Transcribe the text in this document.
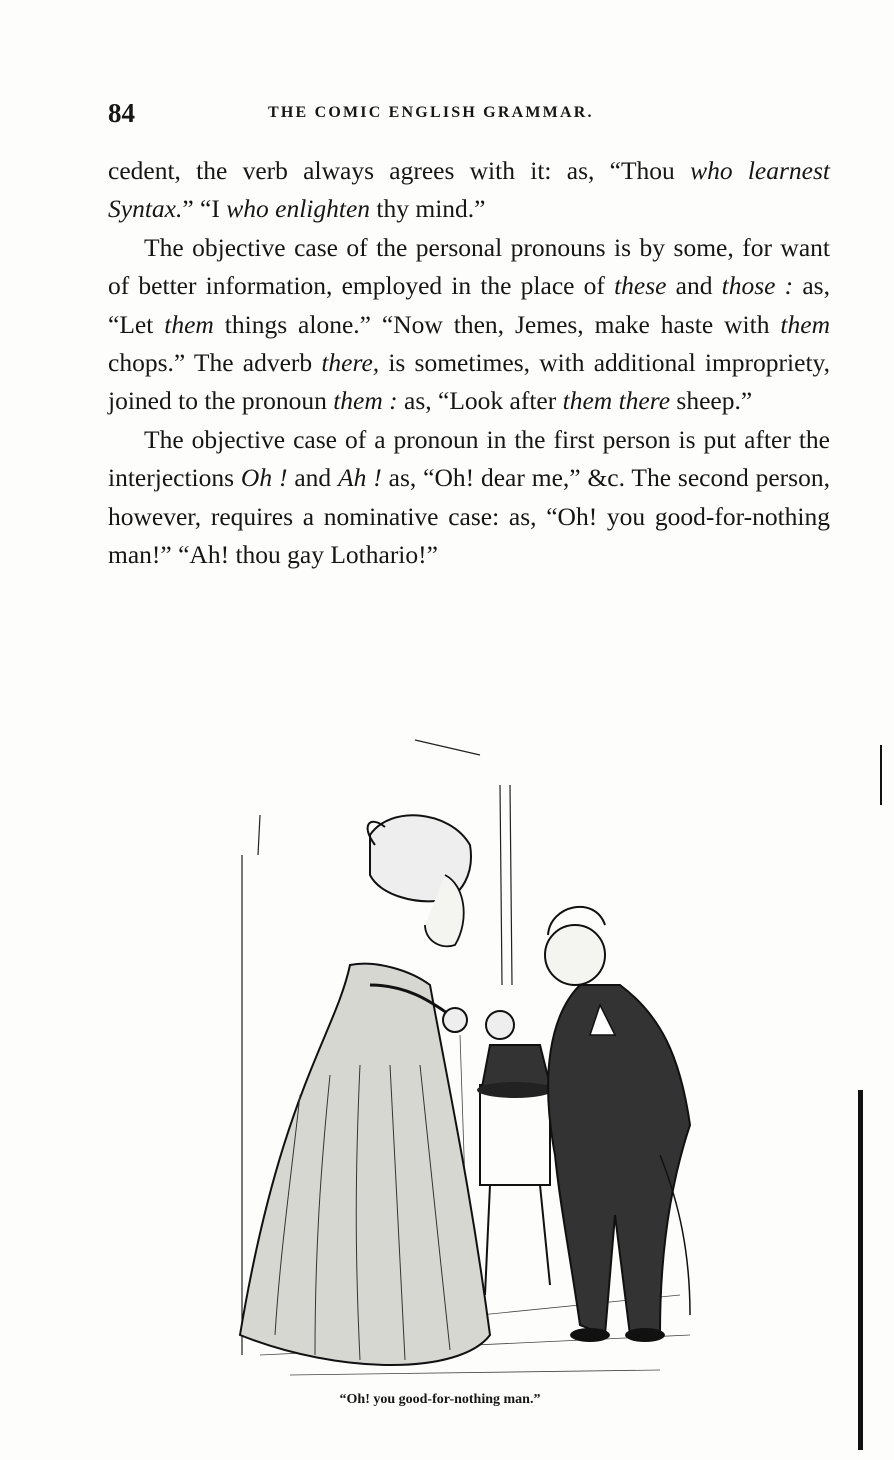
84	THE COMIC ENGLISH GRAMMAR.

cedent, the verb always agrees with it: as, “Thou who learnest Syntax.” “I who enlighten thy mind.”

The objective case of the personal pronouns is by some, for want of better information, employed in the place of these and those : as, “Let them things alone.” “Now then, Jemes, make haste with them chops.” The adverb there, is sometimes, with additional impropriety, joined to the pronoun them : as, “Look after them there sheep.”

The objective case of a pronoun in the first person is put after the interjections Oh ! and Ah ! as, “Oh! dear me,” &c. The second person, however, requires a nominative case: as, “Oh! you good-for-nothing man!” “Ah! thou gay Lothario!”

“Oh! you good-for-nothing man.”
